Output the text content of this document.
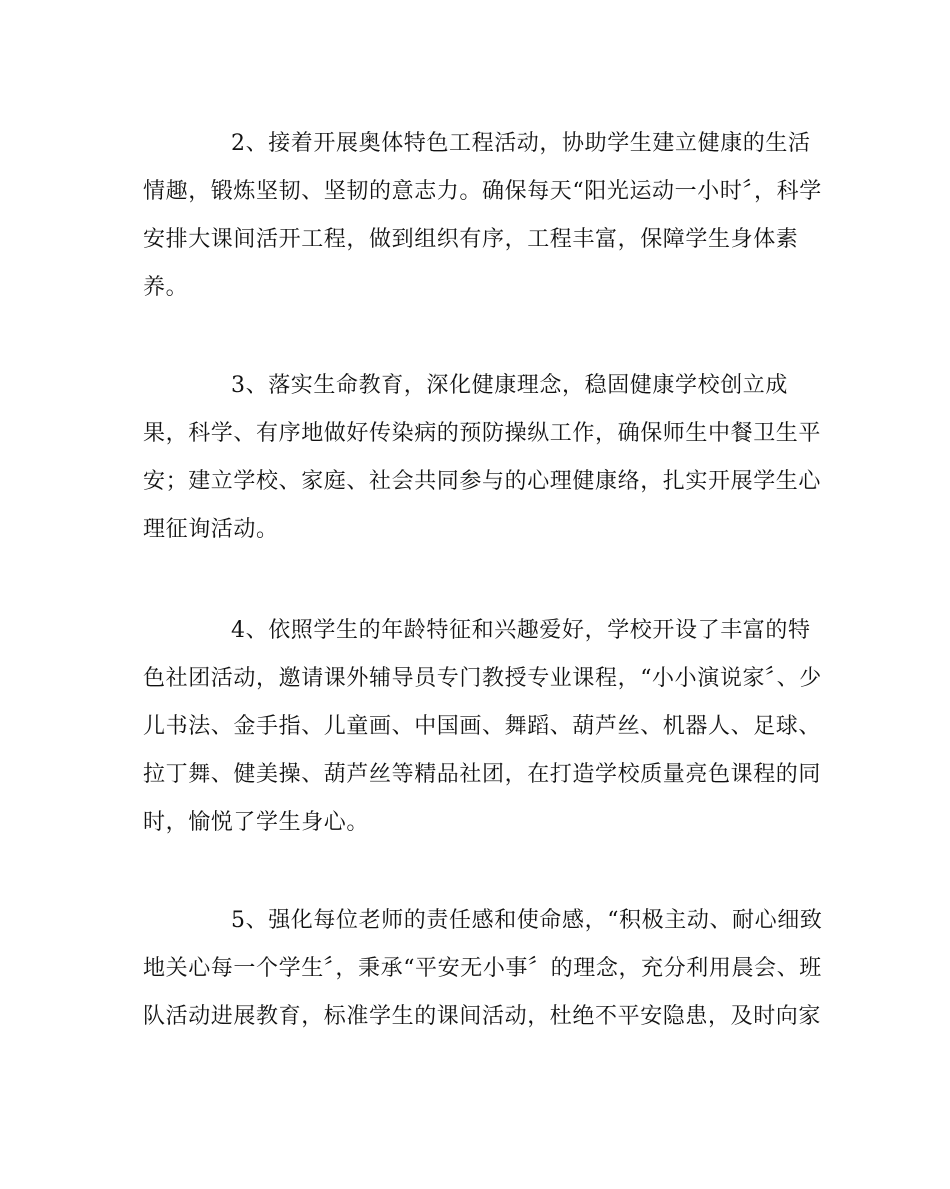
2、接着开展奥体特色工程活动，协助学生建立健康的生活
情趣，锻炼坚韧、坚韧的意志力。确保每天“阳光运动一小时〞，科学
安排大课间活开工程，做到组织有序，工程丰富，保障学生身体素
养。
3、落实生命教育，深化健康理念，稳固健康学校创立成
果，科学、有序地做好传染病的预防操纵工作，确保师生中餐卫生平
安；建立学校、家庭、社会共同参与的心理健康络，扎实开展学生心
理征询活动。
4、依照学生的年龄特征和兴趣爱好，学校开设了丰富的特
色社团活动，邀请课外辅导员专门教授专业课程，“小小演说家〞、少
儿书法、金手指、儿童画、中国画、舞蹈、葫芦丝、机器人、足球、
拉丁舞、健美操、葫芦丝等精品社团，在打造学校质量亮色课程的同
时，愉悦了学生身心。
5、强化每位老师的责任感和使命感，“积极主动、耐心细致
地关心每一个学生〞，秉承“平安无小事〞的理念，充分利用晨会、班
队活动进展教育，标准学生的课间活动，杜绝不平安隐患，及时向家
